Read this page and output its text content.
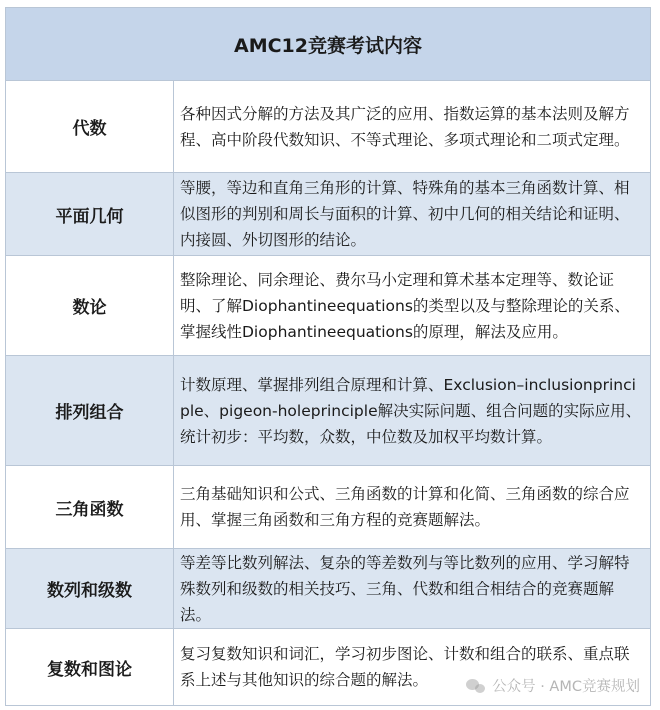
AMC12竞赛考试内容
代数
各种因式分解的方法及其广泛的应用、指数运算的基本法则及解方程、高中阶段代数知识、不等式理论、多项式理论和二项式定理。
平面几何
等腰，等边和直角三角形的计算、特殊角的基本三角函数计算、相似图形的判别和周长与面积的计算、初中几何的相关结论和证明、内接圆、外切图形的结论。
数论
整除理论、同余理论、费尔马小定理和算术基本定理等、数论证明、了解Diophantineequations的类型以及与整除理论的关系、掌握线性Diophantineequations的原理，解法及应用。
排列组合
计数原理、掌握排列组合原理和计算、Exclusion–inclusionprinciple、pigeon-holeprinciple解决实际问题、组合问题的实际应用、统计初步：平均数，众数，中位数及加权平均数计算。
三角函数
三角基础知识和公式、三角函数的计算和化简、三角函数的综合应用、掌握三角函数和三角方程的竞赛题解法。
数列和级数
等差等比数列解法、复杂的等差数列与等比数列的应用、学习解特殊数列和级数的相关技巧、三角、代数和组合相结合的竞赛题解法。
复数和图论
复习复数知识和词汇，学习初步图论、计数和组合的联系、重点联系上述与其他知识的综合题的解法。	公众号 · AMC竞赛规划
